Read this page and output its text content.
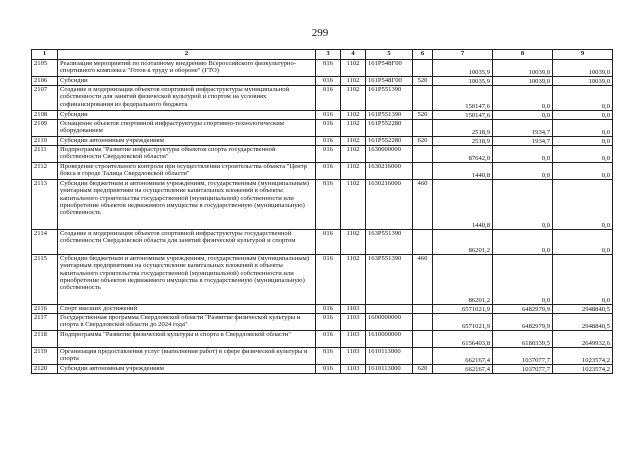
299
1	2	3	4	5	6	7	8	9
2105	Реализация мероприятий по поэтапному внедрению Всероссийского физкультурно-спортивного комплекса "Готов к труду и обороне" (ГТО)	016	1102	161P548Г00		10035,9	10039,0	10039,0
2106	Субсидии	016	1102	161P548Г00	520	10035,9	10039,0	10039,0
2107	Создание и модернизация объектов спортивной инфраструктуры муниципальной собственности для занятий физической культурой и спортом на условиях софинансирования из федерального бюджета	016	1102	161P551390		150147,6	0,0	0,0
2108	Субсидии	016	1102	161P551390	520	150147,6	0,0	0,0
2109	Оснащение объектов спортивной инфраструктуры спортивно-технологическим оборудованием	016	1102	161P552280		2518,9	1934,7	0,0
2110	Субсидии автономным учреждениям	016	1102	161P552280	620	2518,9	1934,7	0,0
2111	Подпрограмма "Развитие инфраструктуры объектов спорта государственной собственности Свердловской области"	016	1102	1630000000		87642,0	0,0	0,0
2112	Проведение строительного контроля при осуществлении строительства объекта "Центр бокса в городе Талица Свердловской области"	016	1102	1630216000		1440,8	0,0	0,0
2113	Субсидии бюджетным и автономным учреждениям, государственным (муниципальным) унитарным предприятиям на осуществление капитальных вложений в объекты капитального строительства государственной (муниципальной) собственности или приобретение объектов недвижимого имущества в государственную (муниципальную) собственность	016	1102	1630216000	460	1440,8	0,0	0,0
2114	Создание и модернизация объектов спортивной инфраструктуры государственной собственности Свердловской области для занятий физической культурой и спортом	016	1102	163P551390		86201,2	0,0	0,0
2115	Субсидии бюджетным и автономным учреждениям, государственным (муниципальным) унитарным предприятиям на осуществление капитальных вложений в объекты капитального строительства государственной (муниципальной) собственности или приобретение объектов недвижимого имущества в государственную (муниципальную) собственность	016	1102	163P551390	460	86201,2	0,0	0,0
2116	Спорт высших достижений	016	1103			6571021,9	6482979,9	2948840,5
2117	Государственная программа Свердловской области "Развитие физической культуры и спорта в Свердловской области до 2024 года"	016	1103	1600000000		6571021,9	6482979,9	2948840,5
2118	Подпрограмма "Развитие физической культуры и спорта в Свердловской области"	016	1103	1610000000		6156403,8	6180339,5	2649932,6
2119	Организация предоставления услуг (выполнения работ) в сфере физической культуры и спорта	016	1103	1610113000		662167,4	1037077,7	1023574,2
2120	Субсидии автономным учреждениям	016	1103	1610113000	620	662167,4	1037077,7	1023574,2
